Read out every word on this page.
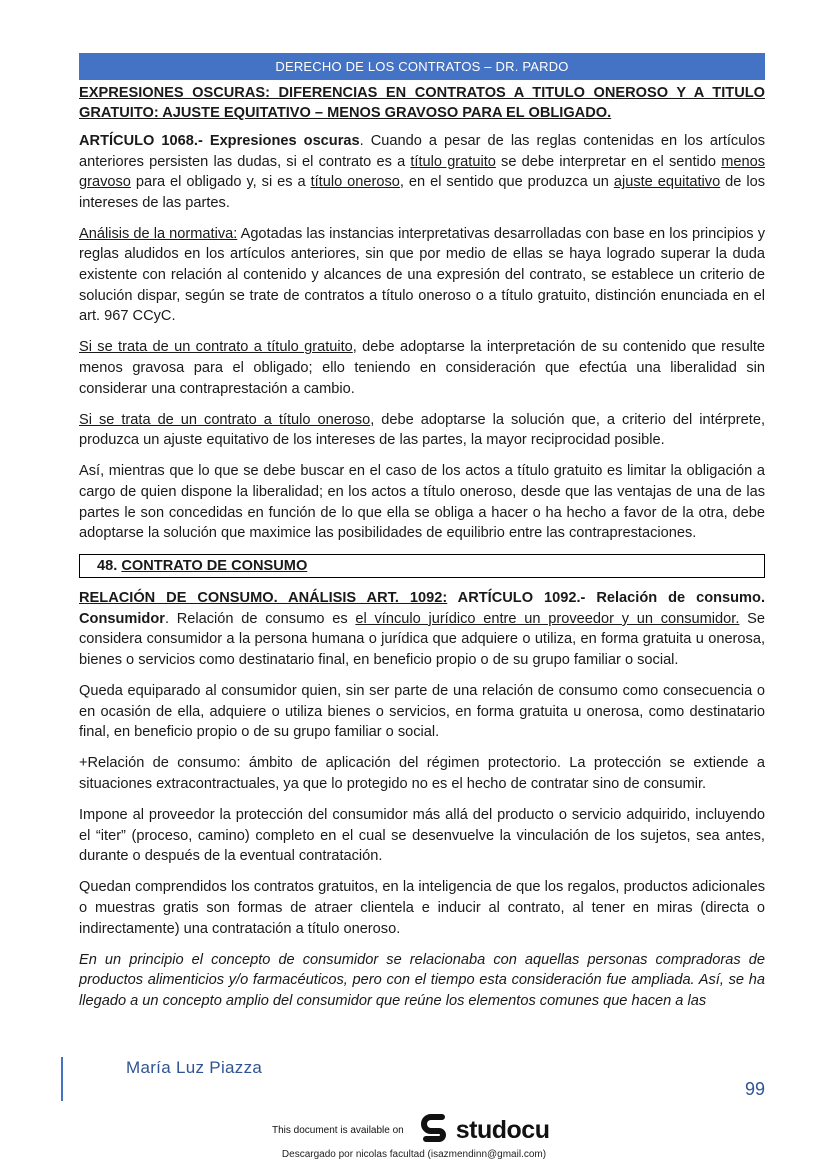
DERECHO DE LOS CONTRATOS – DR. PARDO

EXPRESIONES OSCURAS: DIFERENCIAS EN CONTRATOS A TITULO ONEROSO Y A TITULO GRATUITO: AJUSTE EQUITATIVO – MENOS GRAVOSO PARA EL OBLIGADO.

ARTÍCULO 1068.- Expresiones oscuras. Cuando a pesar de las reglas contenidas en los artículos anteriores persisten las dudas, si el contrato es a título gratuito se debe interpretar en el sentido menos gravoso para el obligado y, si es a título oneroso, en el sentido que produzca un ajuste equitativo de los intereses de las partes.

Análisis de la normativa: Agotadas las instancias interpretativas desarrolladas con base en los principios y reglas aludidos en los artículos anteriores, sin que por medio de ellas se haya logrado superar la duda existente con relación al contenido y alcances de una expresión del contrato, se establece un criterio de solución dispar, según se trate de contratos a título oneroso o a título gratuito, distinción enunciada en el art. 967 CCyC.

Si se trata de un contrato a título gratuito, debe adoptarse la interpretación de su contenido que resulte menos gravosa para el obligado; ello teniendo en consideración que efectúa una liberalidad sin considerar una contraprestación a cambio.

Si se trata de un contrato a título oneroso, debe adoptarse la solución que, a criterio del intérprete, produzca un ajuste equitativo de los intereses de las partes, la mayor reciprocidad posible.

Así, mientras que lo que se debe buscar en el caso de los actos a título gratuito es limitar la obligación a cargo de quien dispone la liberalidad; en los actos a título oneroso, desde que las ventajas de una de las partes le son concedidas en función de lo que ella se obliga a hacer o ha hecho a favor de la otra, debe adoptarse la solución que maximice las posibilidades de equilibrio entre las contraprestaciones.

48.
CONTRATO DE CONSUMO

RELACIÓN DE CONSUMO. ANÁLISIS ART. 1092: ARTÍCULO 1092.- Relación de consumo. Consumidor. Relación de consumo es el vínculo jurídico entre un proveedor y un consumidor. Se considera consumidor a la persona humana o jurídica que adquiere o utiliza, en forma gratuita u onerosa, bienes o servicios como destinatario final, en beneficio propio o de su grupo familiar o social.

Queda equiparado al consumidor quien, sin ser parte de una relación de consumo como consecuencia o en ocasión de ella, adquiere o utiliza bienes o servicios, en forma gratuita u onerosa, como destinatario final, en beneficio propio o de su grupo familiar o social.

+Relación de consumo: ámbito de aplicación del régimen protectorio. La protección se extiende a situaciones extracontractuales, ya que lo protegido no es el hecho de contratar sino de consumir.

Impone al proveedor la protección del consumidor más allá del producto o servicio adquirido, incluyendo el “iter” (proceso, camino) completo en el cual se desenvuelve la vinculación de los sujetos, sea antes, durante o después de la eventual contratación.

Quedan comprendidos los contratos gratuitos, en la inteligencia de que los regalos, productos adicionales o muestras gratis son formas de atraer clientela e inducir al contrato, al tener en miras (directa o indirectamente) una contratación a título oneroso.

En un principio el concepto de consumidor se relacionaba con aquellas personas compradoras de productos alimenticios y/o farmacéuticos, pero con el tiempo esta consideración fue ampliada. Así, se ha llegado a un concepto amplio del consumidor que reúne los elementos comunes que hacen a las

María Luz Piazza
99
This document is available on studocu
Descargado por nicolas facultad (isazmendinn@gmail.com)
